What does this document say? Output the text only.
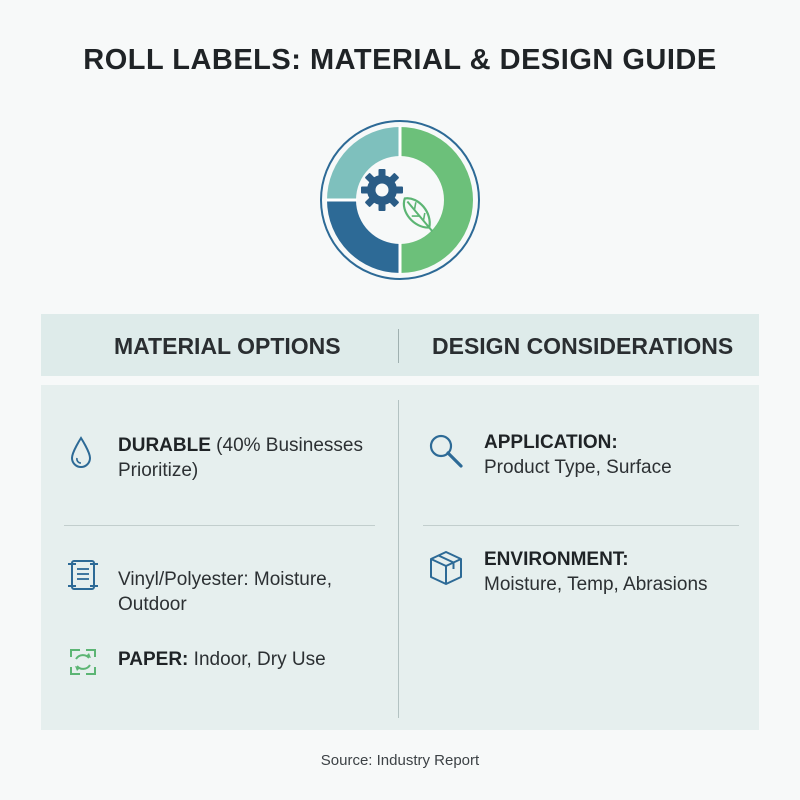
ROLL LABELS: MATERIAL & DESIGN GUIDE
MATERIAL OPTIONS	DESIGN CONSIDERATIONS
DURABLE (40% Businesses
Prioritize)
Vinyl/Polyester: Moisture,
Outdoor
PAPER: Indoor, Dry Use
APPLICATION:
Product Type, Surface
ENVIRONMENT:
Moisture, Temp, Abrasions
Source: Industry Report
